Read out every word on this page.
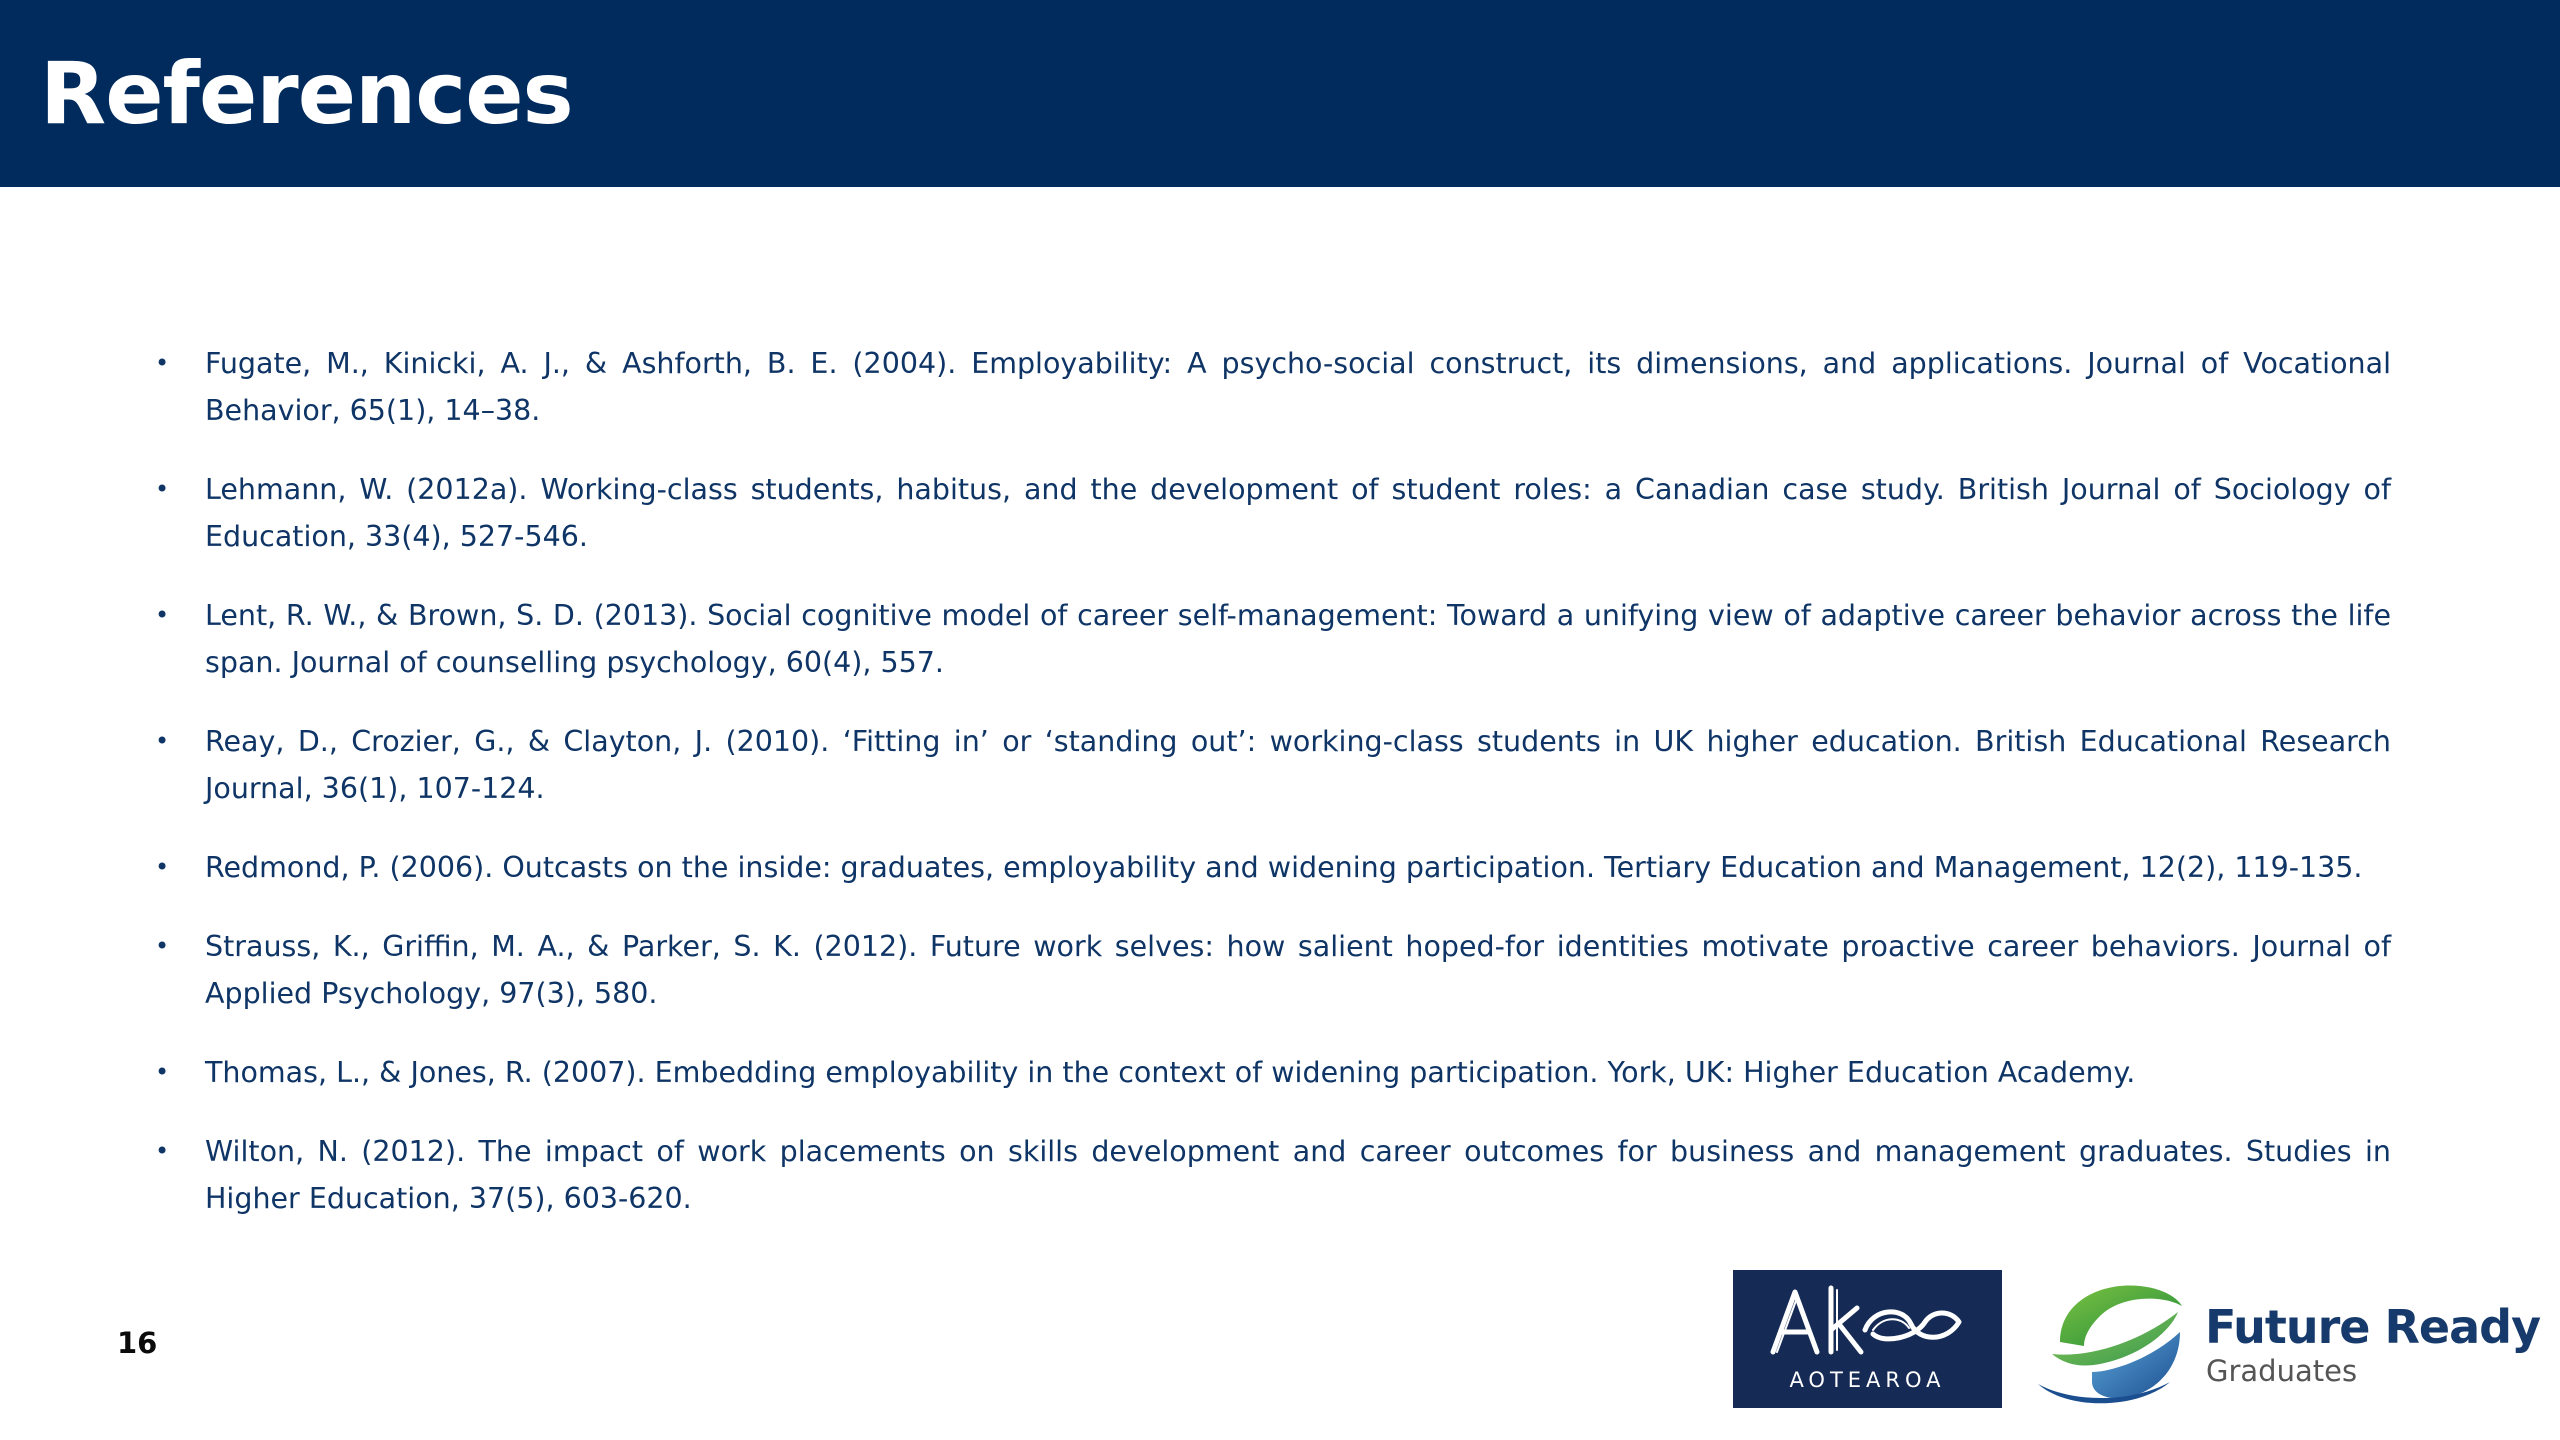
References
• Fugate, M., Kinicki, A. J., & Ashforth, B. E. (2004). Employability: A psycho-social construct, its dimensions, and applications. Journal of Vocational Behavior, 65(1), 14–38.
• Lehmann, W. (2012a). Working-class students, habitus, and the development of student roles: a Canadian case study. British Journal of Sociology of Education, 33(4), 527-546.
• Lent, R. W., & Brown, S. D. (2013). Social cognitive model of career self-management: Toward a unifying view of adaptive career behavior across the life span. Journal of counselling psychology, 60(4), 557.
• Reay, D., Crozier, G., & Clayton, J. (2010). ‘Fitting in’ or ‘standing out’: working‐class students in UK higher education. British Educational Research Journal, 36(1), 107-124.
• Redmond, P. (2006). Outcasts on the inside: graduates, employability and widening participation. Tertiary Education and Management, 12(2), 119-135.
• Strauss, K., Griffin, M. A., & Parker, S. K. (2012). Future work selves: how salient hoped-for identities motivate proactive career behaviors. Journal of Applied Psychology, 97(3), 580.
• Thomas, L., & Jones, R. (2007). Embedding employability in the context of widening participation. York, UK: Higher Education Academy.
• Wilton, N. (2012). The impact of work placements on skills development and career outcomes for business and management graduates. Studies in Higher Education, 37(5), 603-620.
16
AOTEAROA
Future Ready
Graduates
